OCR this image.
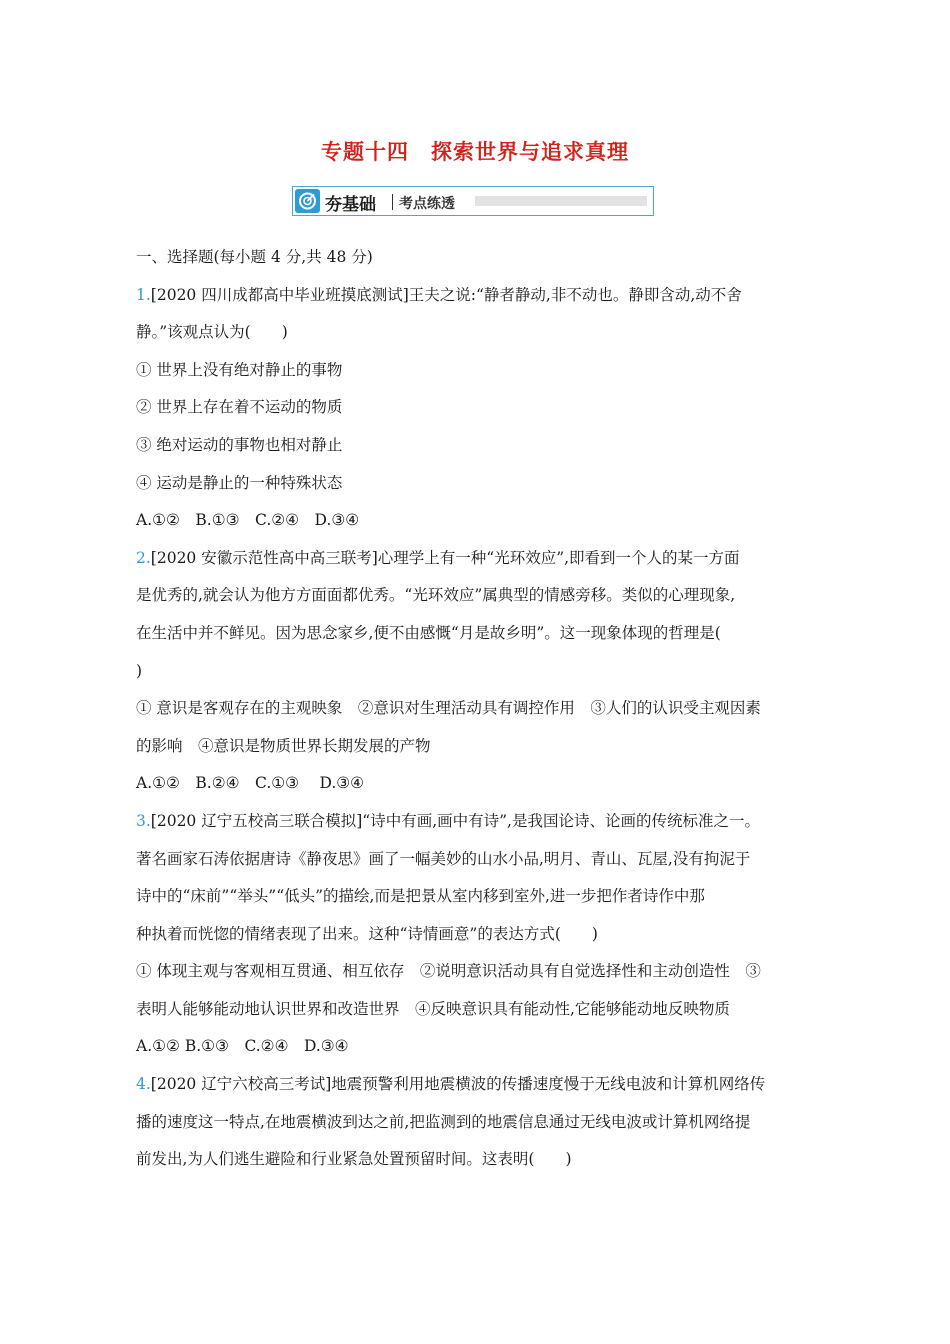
专题十四　探索世界与追求真理
夯基础 考点练透
一、选择题(每小题 4 分,共 48 分)
1.[2020 四川成都高中毕业班摸底测试]王夫之说:“静者静动,非不动也。静即含动,动不舍
静。”该观点认为(　　)
① 世界上没有绝对静止的事物
② 世界上存在着不运动的物质
③ 绝对运动的事物也相对静止
④ 运动是静止的一种特殊状态
A.①②　B.①③　C.②④　D.③④
2.[2020 安徽示范性高中高三联考]心理学上有一种“光环效应”,即看到一个人的某一方面
是优秀的,就会认为他方方面面都优秀。“光环效应”属典型的情感旁移。类似的心理现象,
在生活中并不鲜见。因为思念家乡,便不由感慨“月是故乡明”。这一现象体现的哲理是(
)
① 意识是客观存在的主观映象　②意识对生理活动具有调控作用　③人们的认识受主观因素
的影响　④意识是物质世界长期发展的产物
A.①②　B.②④　C.①③　 D.③④
3.[2020 辽宁五校高三联合模拟]“诗中有画,画中有诗”,是我国论诗、论画的传统标准之一。
著名画家石涛依据唐诗《静夜思》画了一幅美妙的山水小品,明月、青山、瓦屋,没有拘泥于
诗中的“床前”“举头”“低头”的描绘,而是把景从室内移到室外,进一步把作者诗作中那
种执着而恍惚的情绪表现了出来。这种“诗情画意”的表达方式(　　)
① 体现主观与客观相互贯通、相互依存　②说明意识活动具有自觉选择性和主动创造性　③
表明人能够能动地认识世界和改造世界　④反映意识具有能动性,它能够能动地反映物质
A.①② B.①③　C.②④　D.③④
4.[2020 辽宁六校高三考试]地震预警利用地震横波的传播速度慢于无线电波和计算机网络传
播的速度这一特点,在地震横波到达之前,把监测到的地震信息通过无线电波或计算机网络提
前发出,为人们逃生避险和行业紧急处置预留时间。这表明(　　)
